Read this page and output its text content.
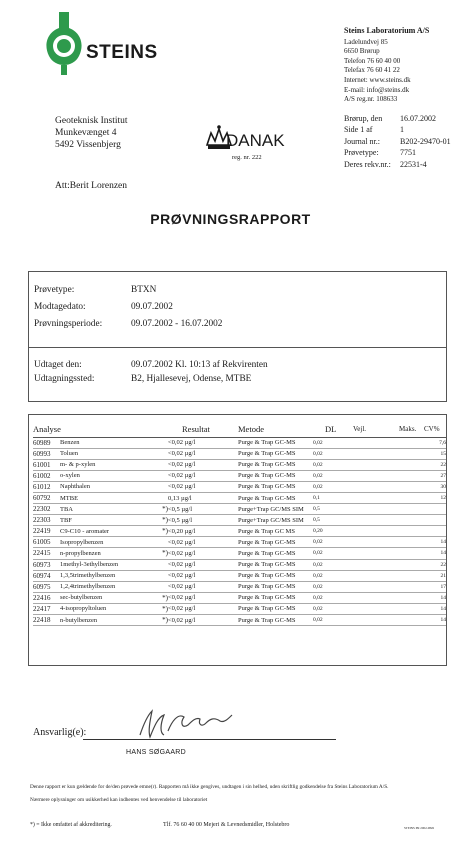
STEINS
Steins Laboratorium A/S
Ladelundvej 85
6650 Brørup
Telefon 76 60 40 00
Telefax 76 60 41 22
Internet: www.steins.dk
E-mail: info@steins.dk
A/S reg.nr. 108633
Brørup, den	16.07.2002
Side 1 af	1
Journal nr.:	B202-29470-01
Prøvetype:	7751
Deres rekv.nr.:	22531-4
Geoteknisk Institut
Munkevænget 4
5492 Vissenbjerg
Att:Berit Lorenzen
DANAK
reg. nr. 222
PRØVNINGSRAPPORT
Prøvetype:	BTXN
Modtagedato:	09.07.2002
Prøvningsperiode:	09.07.2002 - 16.07.2002
Udtaget den:	09.07.2002 Kl. 10:13 af Rekvirenten
Udtagningssted:	B2, Hjallesevej, Odense, MTBE
Analyse			Resultat	Metode	DL	Vejl.	Maks.	CV%
60989	Benzen		<0,02 µg/l	Purge & Trap GC-MS	0,02			7,6
60993	Toluen		<0,02 µg/l	Purge & Trap GC-MS	0,02			15
61001	m- & p-xylen		<0,02 µg/l	Purge & Trap GC-MS	0,02			22
61002	o-xylen		<0,02 µg/l	Purge & Trap GC-MS	0,02			27
61012	Naphthalen		<0,02 µg/l	Purge & Trap GC-MS	0,02			30
60792	MTBE		0,13 µg/l	Purge & Trap GC-MS	0,1			12
22302	TBA	*)	<0,5 µg/l	Purge+Trap GC/MS SIM	0,5			
22303	TBF	*)	<0,5 µg/l	Purge+Trap GC/MS SIM	0,5			
22419	C9-C10 - aromater	*)	<0,20 µg/l	Purge & Trap GC MS	0,20			
61005	Isopropylbenzen		<0,02 µg/l	Purge & Trap GC-MS	0,02			14
22415	n-propylbenzen	*)	<0,02 µg/l	Purge & Trap GC-MS	0,02			14
60973	1methyl-3ethylbenzen		<0,02 µg/l	Purge & Trap GC-MS	0,02			22
60974	1,3,5trimethylbenzen		<0,02 µg/l	Purge & Trap GC-MS	0,02			21
60975	1,2,4trimethylbenzen		<0,02 µg/l	Purge & Trap GC-MS	0,02			17
22416	sec-butylbenzen	*)	<0,02 µg/l	Purge & Trap GC-MS	0,02			14
22417	4-isopropyltoluen	*)	<0,02 µg/l	Purge & Trap GC-MS	0,02			14
22418	n-butylbenzen	*)	<0,02 µg/l	Purge & Trap GC-MS	0,02			14
Ansvarlig(e):
HANS SØGAARD
Denne rapport er kun gældende for de/den prøvede emne(r). Rapporten må ikke gengives, undtagen i sin helhed, uden skriftlig godkendelse fra Steins Laboratorium A/S.
Nærmere oplysninger om usikkerhed kan indhentes ved henvendelse til laboratoriet
*) = Ikke omfattet af akkreditering.	Tlf. 76 60 40 00 Mejeri & Levnedsmidler, Holstebro	STEINS PR 2002-0826
